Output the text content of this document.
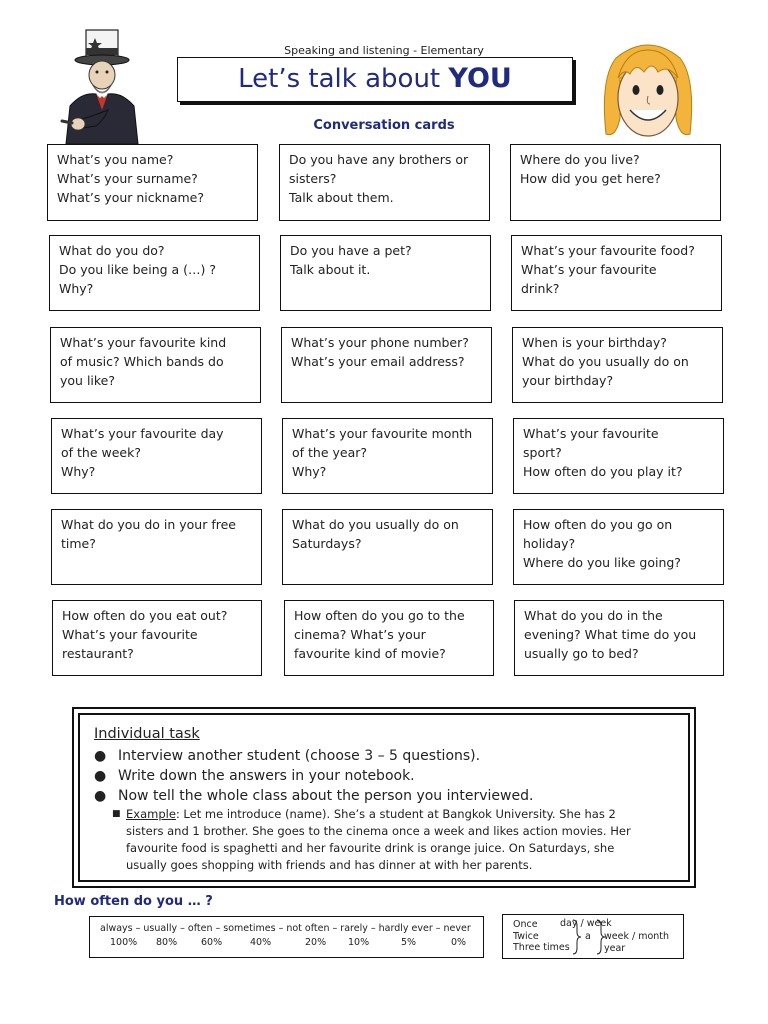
Speaking and listening - Elementary
Let’s talk about YOU
Conversation cards
What’s you name?
What’s your surname?
What’s your nickname?
Do you have any brothers or
sisters?
Talk about them.
Where do you live?
How did you get here?
What do you do?
Do you like being a (…) ?
Why?
Do you have a pet?
Talk about it.
What’s your favourite food?
What’s your favourite
drink?
What’s your favourite kind
of music? Which bands do
you like?
What’s your phone number?
What’s your email address?
When is your birthday?
What do you usually do on
your birthday?
What’s your favourite day
of the week?
Why?
What’s your favourite month
of the year?
Why?
What’s your favourite
sport?
How often do you play it?
What do you do in your free
time?
What do you usually do on
Saturdays?
How often do you go on
holiday?
Where do you like going?
How often do you eat out?
What’s your favourite
restaurant?
How often do you go to the
cinema? What’s your
favourite kind of movie?
What do you do in the
evening? What time do you
usually go to bed?
Individual task
● Interview another student (choose 3 – 5 questions).
● Write down the answers in your notebook.
● Now tell the whole class about the person you interviewed.
■ Example: Let me introduce (name). She’s a student at Bangkok University. She has 2
sisters and 1 brother. She goes to the cinema once a week and likes action movies. Her
favourite food is spaghetti and her favourite drink is orange juice. On Saturdays, she
usually goes shopping with friends and has dinner at with her parents.
How often do you … ?
always – usually – often – sometimes – not often – rarely – hardly ever – never
100% 80%	60%	40%	20% 10%	5%	0%
Once
Twice
Three times
a
day / week
week / month
year
